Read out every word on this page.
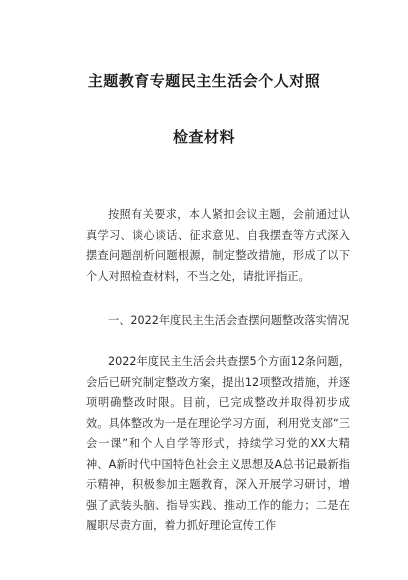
主题教育专题民主生活会个人对照
检查材料

按照有关要求，本人紧扣会议主题，会前通过认真学习、谈心谈话、征求意见、自我摆查等方式深入摆查问题剖析问题根源，制定整改措施，形成了以下个人对照检查材料，不当之处，请批评指正。

一、2022年度民主生活会查摆问题整改落实情况

2022年度民主生活会共查摆5个方面12条问题，会后已研究制定整改方案，提出12项整改措施，并逐项明确整改时限。目前，已完成整改并取得初步成效。具体整改为一是在理论学习方面，利用党支部“三会一课”和个人自学等形式，持续学习党的XX大精神、A新时代中国特色社会主义思想及A总书记最新指示精神，积极参加主题教育，深入开展学习研讨，增强了武装头脑、指导实践、推动工作的能力；二是在履职尽责方面，着力抓好理论宣传工作
